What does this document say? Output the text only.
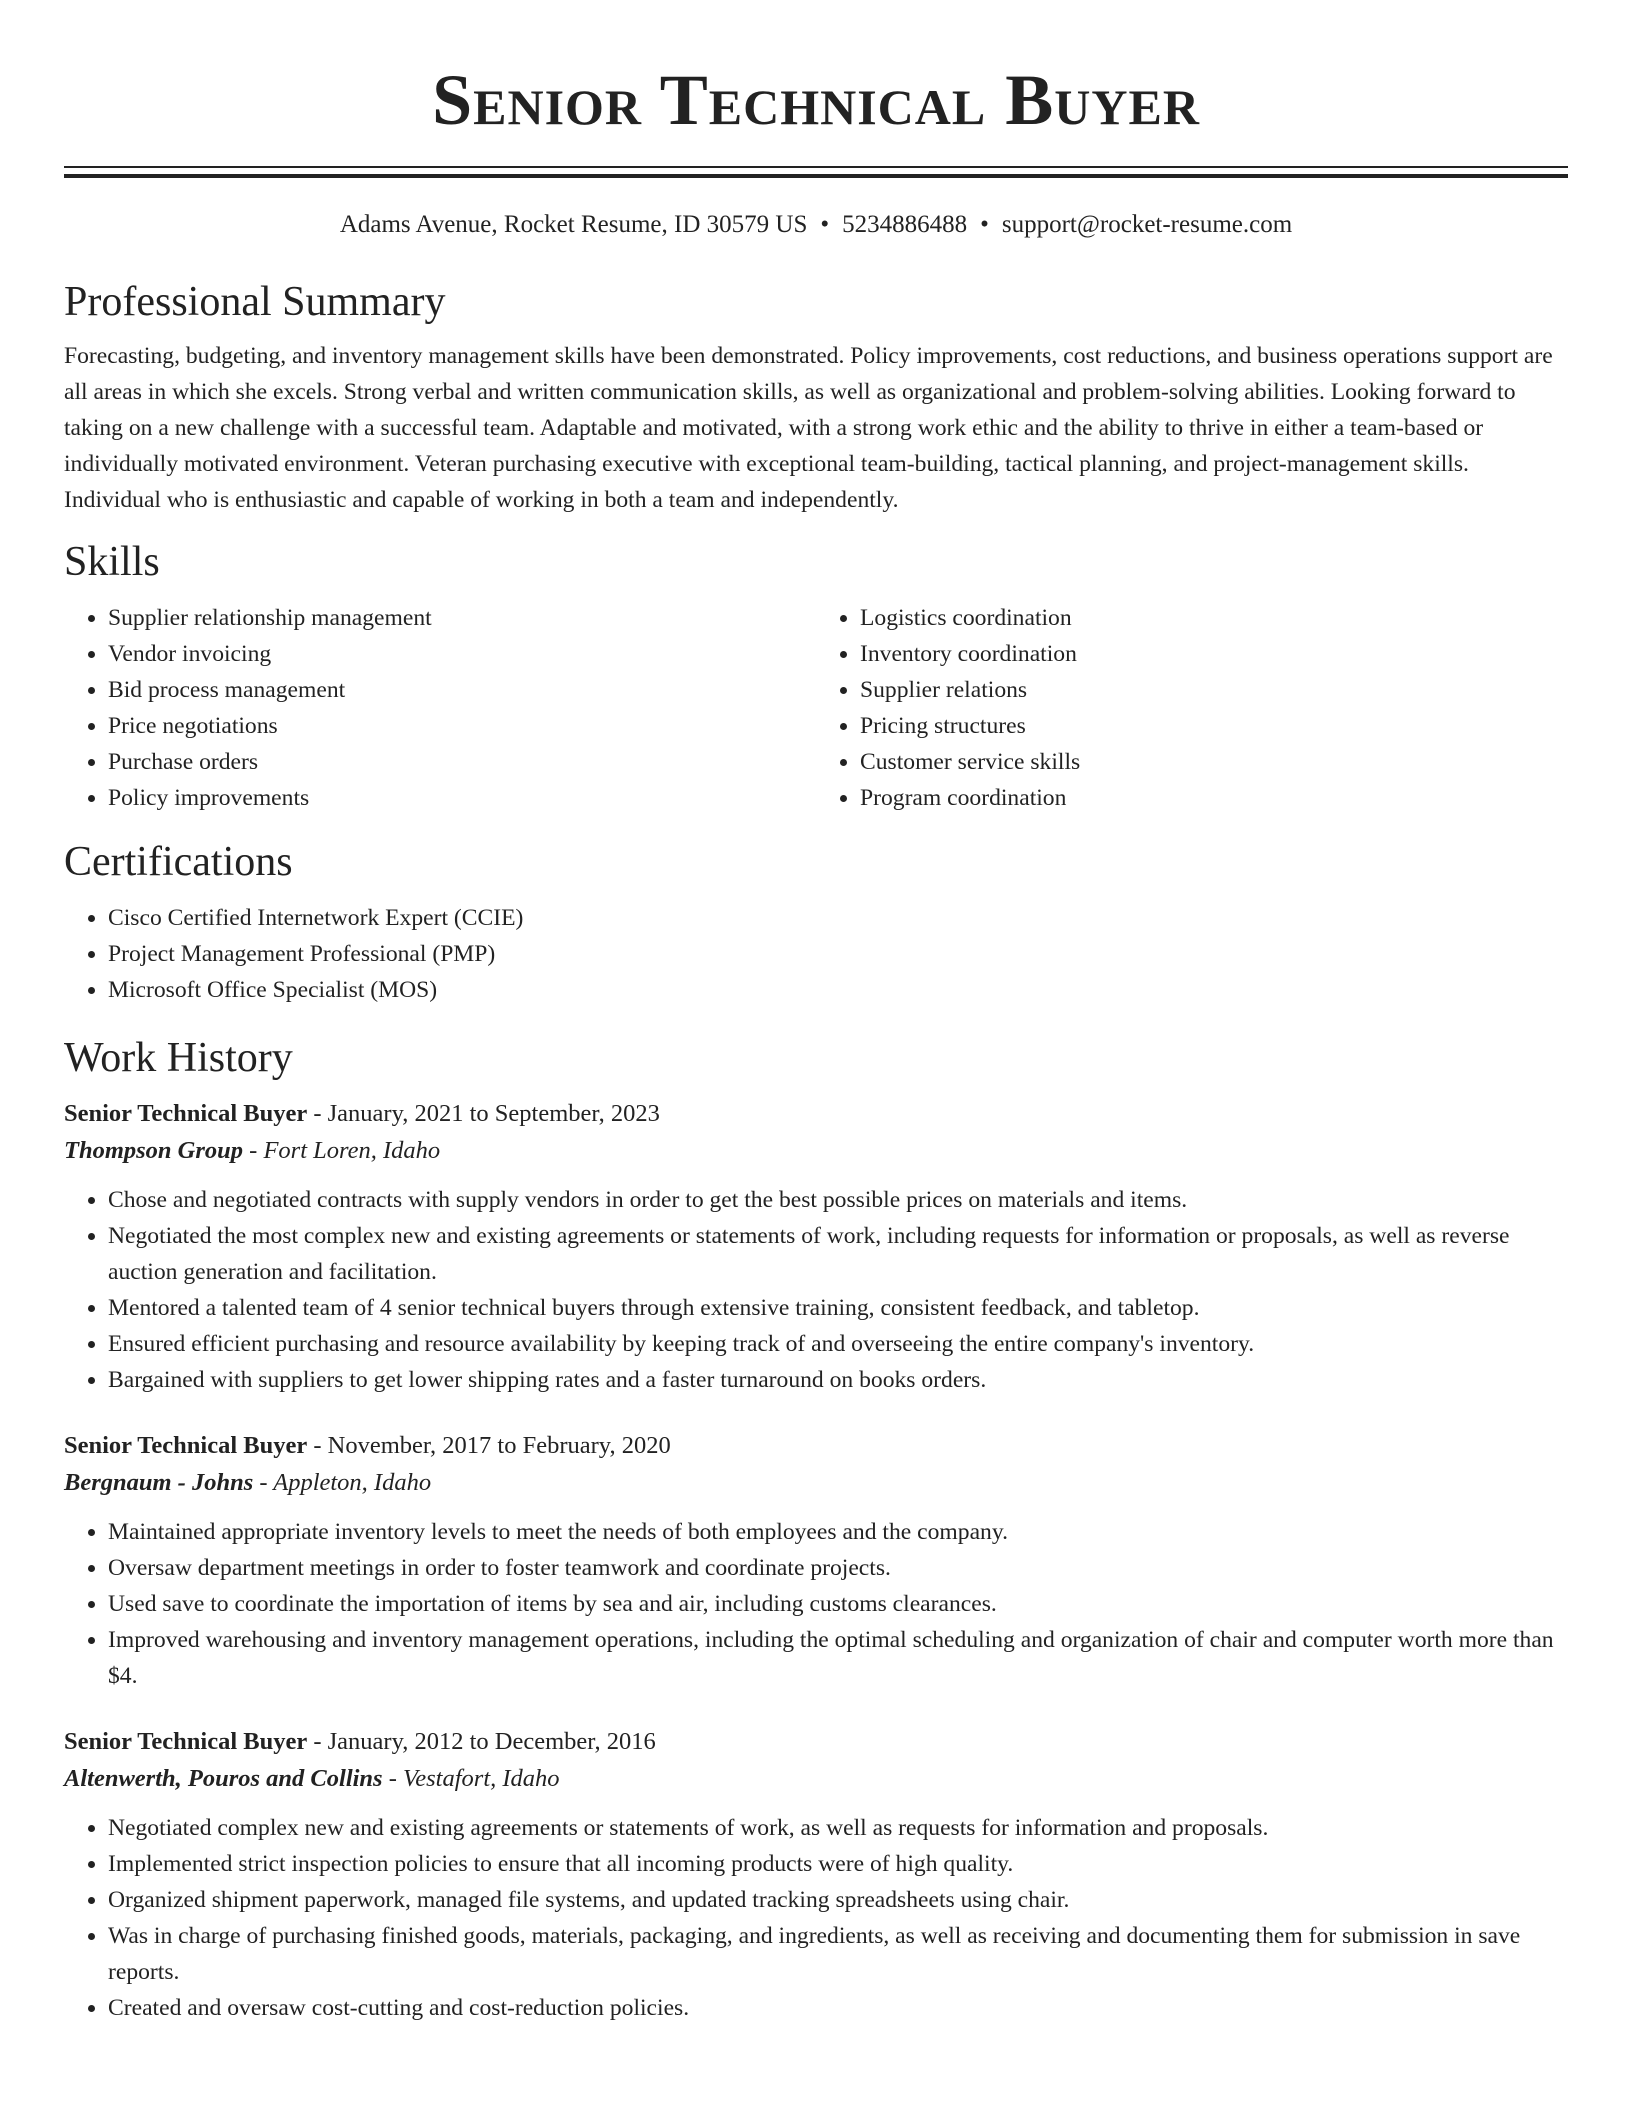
Senior Technical Buyer
Adams Avenue, Rocket Resume, ID 30579 US • 5234886488 • support@rocket-resume.com
Professional Summary

Forecasting, budgeting, and inventory management skills have been demonstrated. Policy improvements, cost reductions, and business operations support are all areas in which she excels. Strong verbal and written communication skills, as well as organizational and problem-solving abilities. Looking forward to taking on a new challenge with a successful team. Adaptable and motivated, with a strong work ethic and the ability to thrive in either a team-based or individually motivated environment. Veteran purchasing executive with exceptional team-building, tactical planning, and project-management skills. Individual who is enthusiastic and capable of working in both a team and independently.

Skills
• Supplier relationship management
• Vendor invoicing
• Bid process management
• Price negotiations
• Purchase orders
• Policy improvements
• Logistics coordination
• Inventory coordination
• Supplier relations
• Pricing structures
• Customer service skills
• Program coordination
Certifications
• Cisco Certified Internetwork Expert (CCIE)
• Project Management Professional (PMP)
• Microsoft Office Specialist (MOS)
Work History

Senior Technical Buyer - January, 2021 to September, 2023

Thompson Group - Fort Loren, Idaho

• Chose and negotiated contracts with supply vendors in order to get the best possible prices on materials and items.
• Negotiated the most complex new and existing agreements or statements of work, including requests for information or proposals, as well as reverse auction generation and facilitation.
• Mentored a talented team of 4 senior technical buyers through extensive training, consistent feedback, and tabletop.
• Ensured efficient purchasing and resource availability by keeping track of and overseeing the entire company's inventory.
• Bargained with suppliers to get lower shipping rates and a faster turnaround on books orders.

Senior Technical Buyer - November, 2017 to February, 2020

Bergnaum - Johns - Appleton, Idaho

• Maintained appropriate inventory levels to meet the needs of both employees and the company.
• Oversaw department meetings in order to foster teamwork and coordinate projects.
• Used save to coordinate the importation of items by sea and air, including customs clearances.
• Improved warehousing and inventory management operations, including the optimal scheduling and organization of chair and computer worth more than $4.

Senior Technical Buyer - January, 2012 to December, 2016

Altenwerth, Pouros and Collins - Vestafort, Idaho

• Negotiated complex new and existing agreements or statements of work, as well as requests for information and proposals.
• Implemented strict inspection policies to ensure that all incoming products were of high quality.
• Organized shipment paperwork, managed file systems, and updated tracking spreadsheets using chair.
• Was in charge of purchasing finished goods, materials, packaging, and ingredients, as well as receiving and documenting them for submission in save reports.
• Created and oversaw cost-cutting and cost-reduction policies.
